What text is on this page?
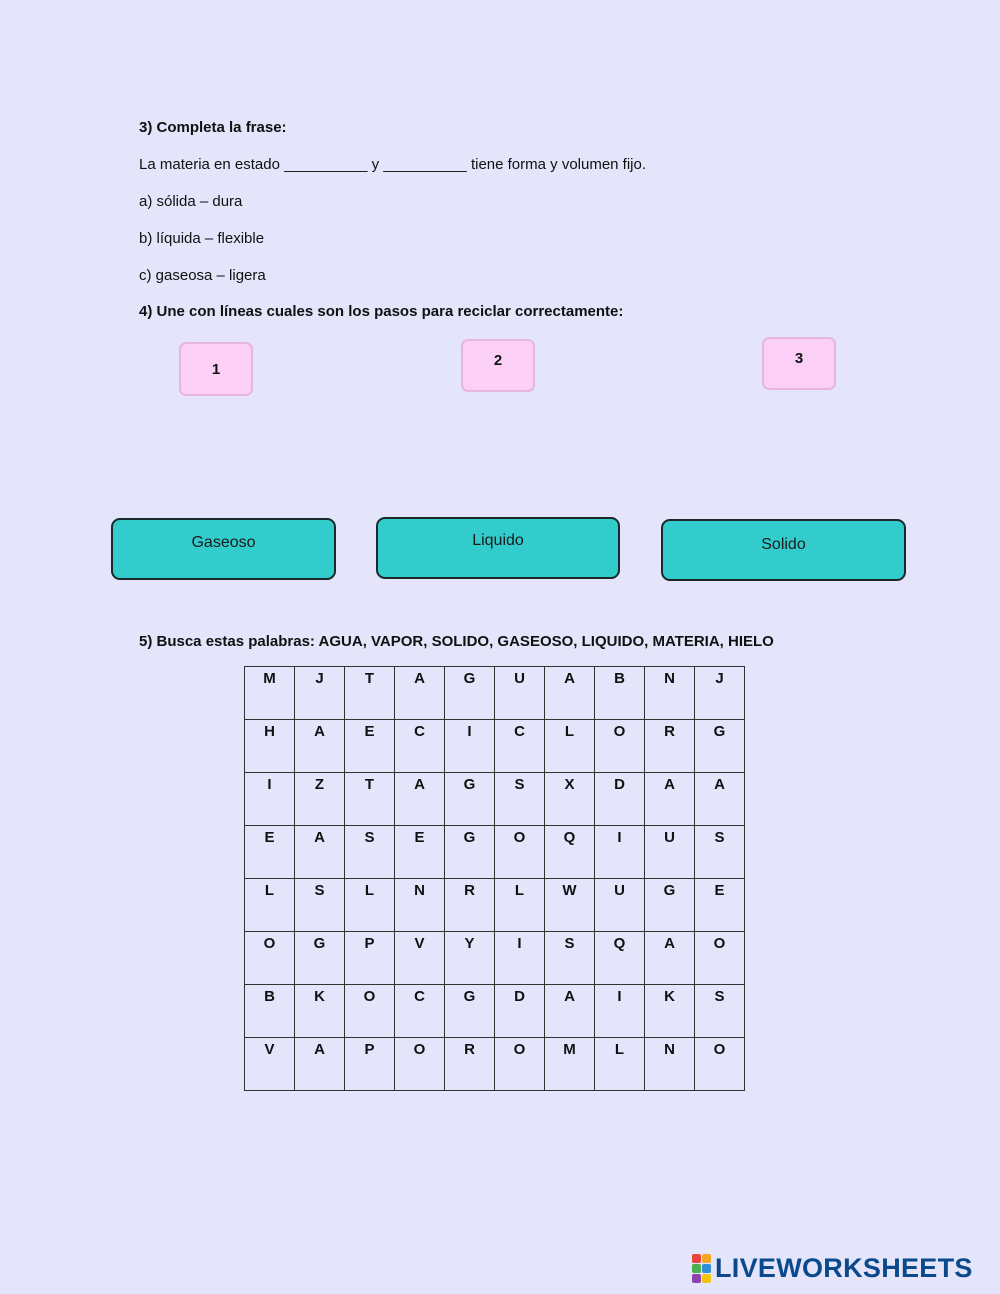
3) Completa la frase:
La materia en estado __________ y __________ tiene forma y volumen fijo.
a) sólida – dura
b) líquida – flexible
c) gaseosa – ligera
4) Une con líneas cuales son los pasos para reciclar correctamente:
1	2	3
Gaseoso	Liquido	Solido
5) Busca estas palabras: AGUA, VAPOR, SOLIDO, GASEOSO, LIQUIDO, MATERIA, HIELO
M	J	T	A	G	U	A	B	N	J
H	A	E	C	I	C	L	O	R	G
I	Z	T	A	G	S	X	D	A	A
E	A	S	E	G	O	Q	I	U	S
L	S	L	N	R	L	W	U	G	E
O	G	P	V	Y	I	S	Q	A	O
B	K	O	C	G	D	A	I	K	S
V	A	P	O	R	O	M	L	N	O
LIVEWORKSHEETS
